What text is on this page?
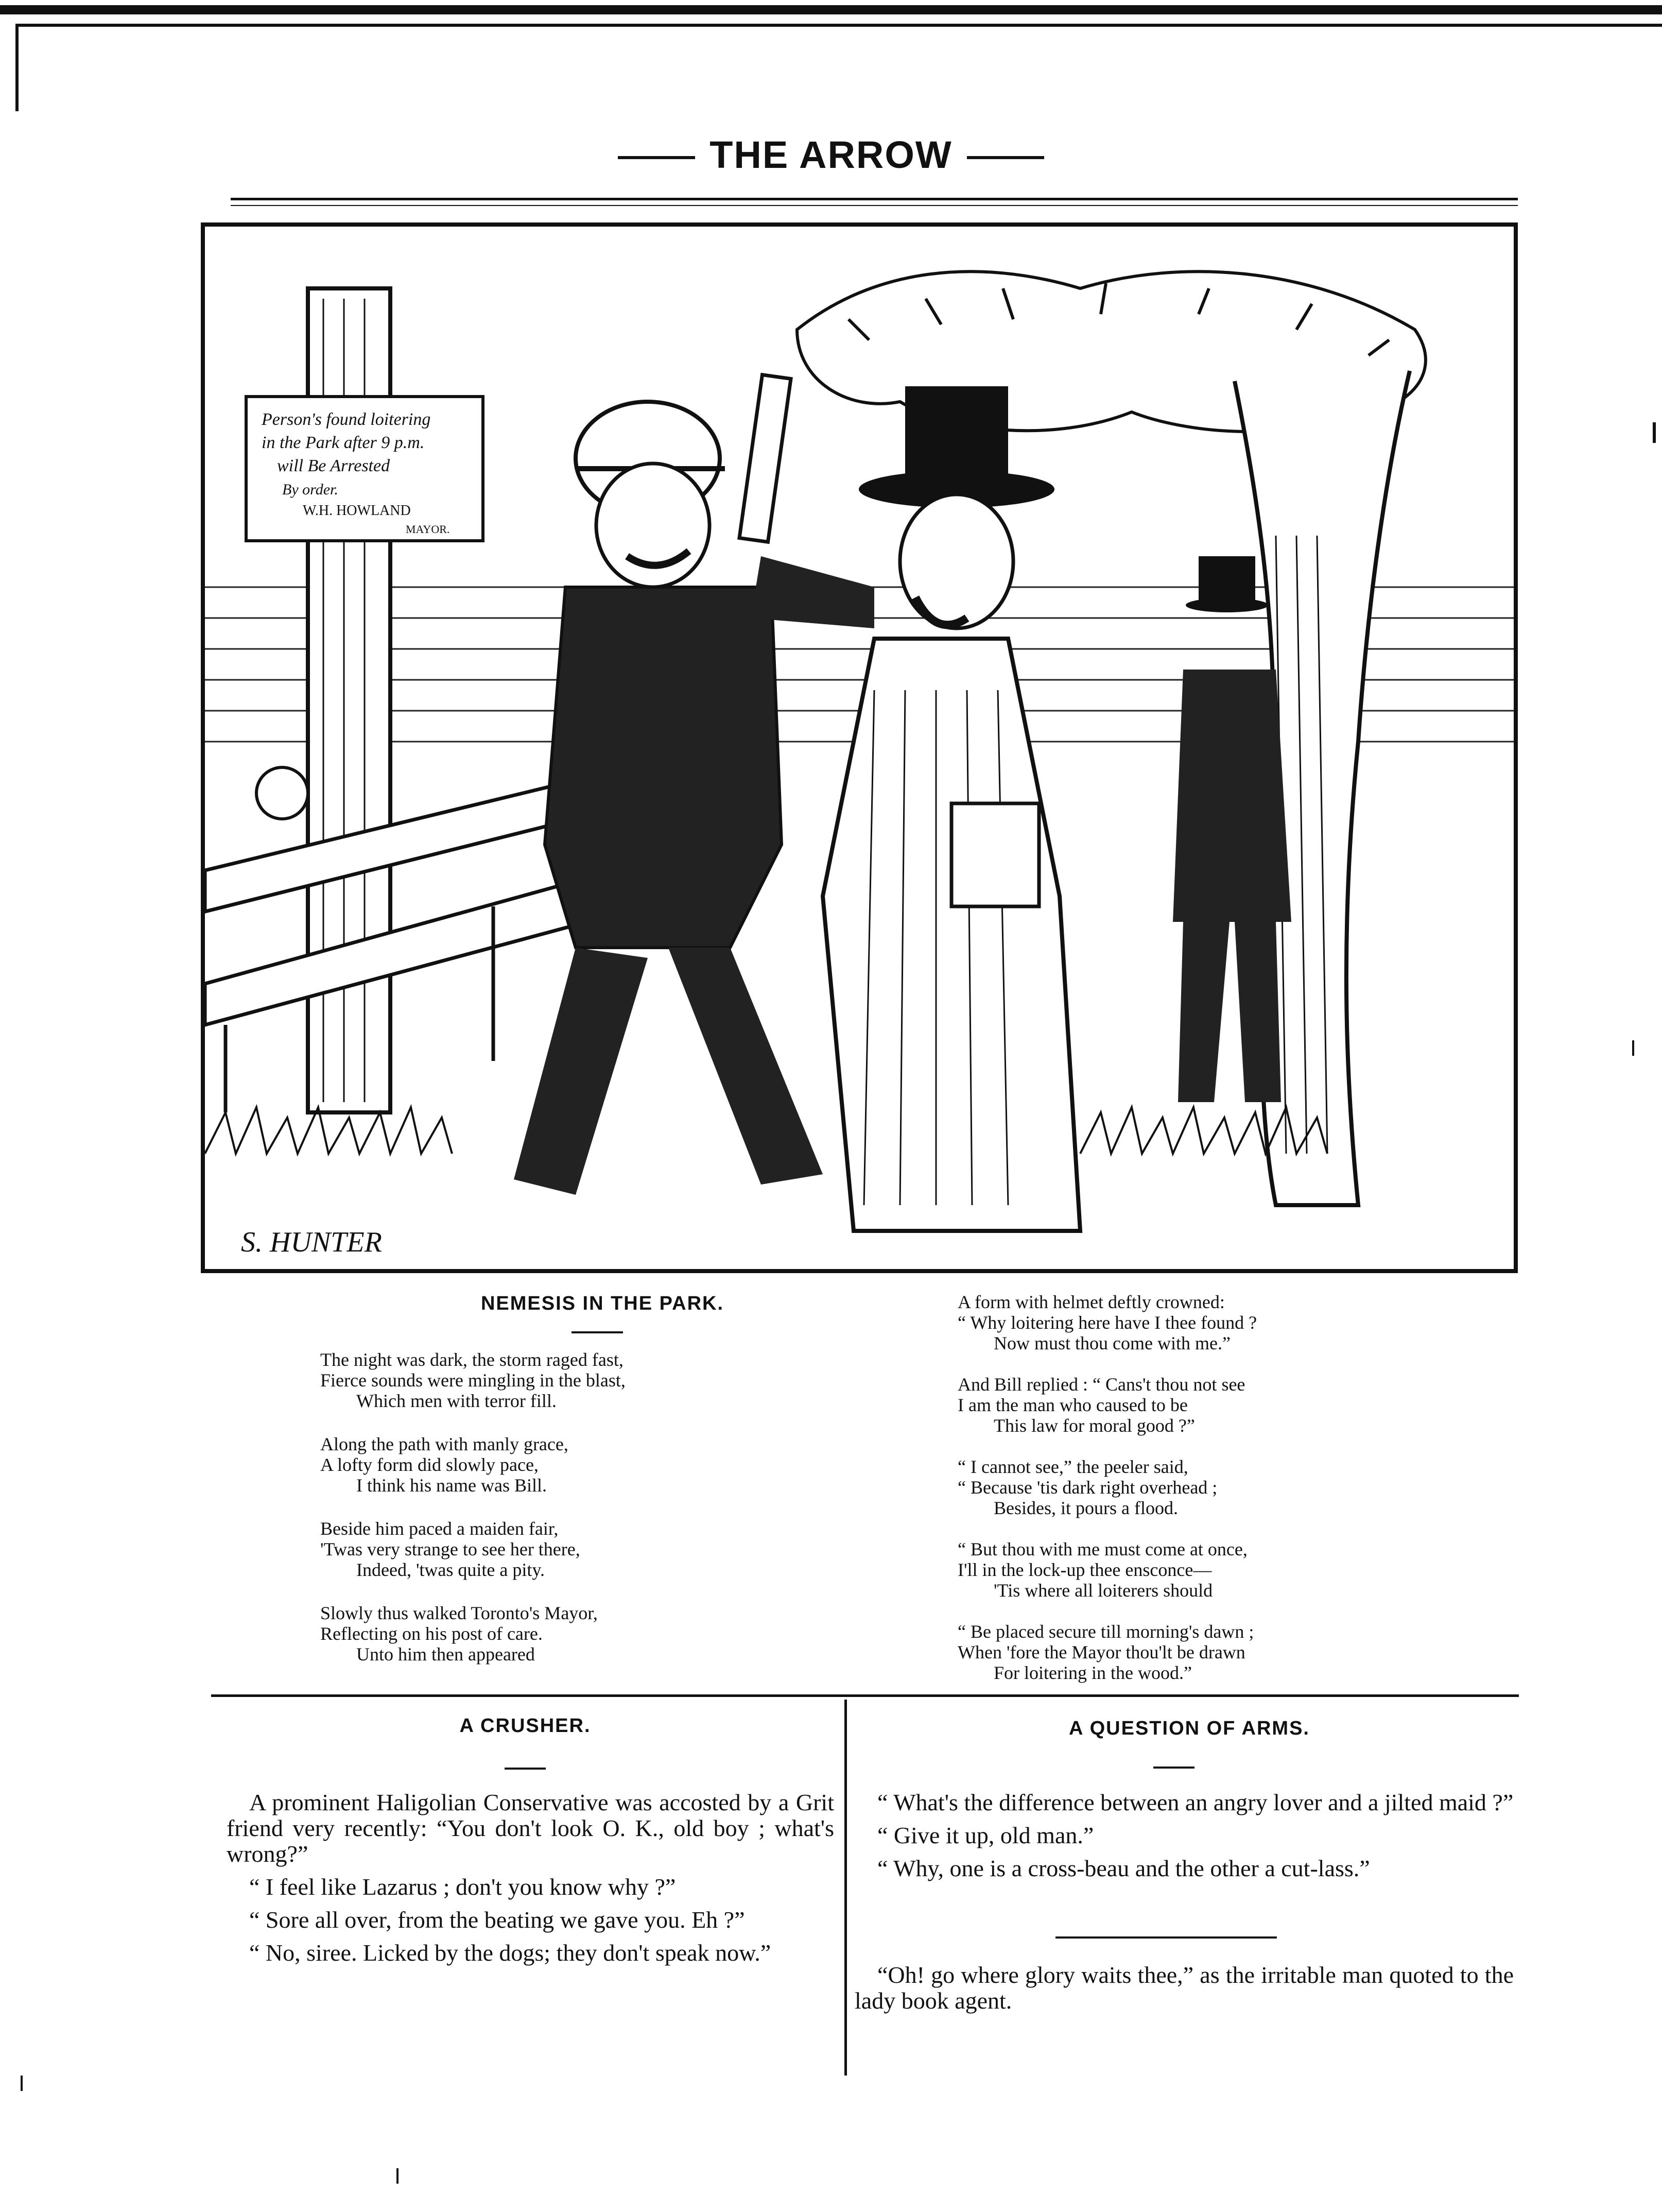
THE ARROW
Person's found loitering
in the Park after 9 p.m.
will Be Arrested
By order.
W.H. HOWLAND
MAYOR.
S. HUNTER
NEMESIS IN THE PARK.
The night was dark, the storm raged fast,
Fierce sounds were mingling in the blast,
Which men with terror fill.
Along the path with manly grace,
A lofty form did slowly pace,
I think his name was Bill.
Beside him paced a maiden fair,
'Twas very strange to see her there,
Indeed, 'twas quite a pity.
Slowly thus walked Toronto's Mayor,
Reflecting on his post of care.
Unto him then appeared
A form with helmet deftly crowned:
“ Why loitering here have I thee found ?
Now must thou come with me.”
And Bill replied : “ Cans't thou not see
I am the man who caused to be
This law for moral good ?”
“ I cannot see,” the peeler said,
“ Because 'tis dark right overhead ;
Besides, it pours a flood.
“ But thou with me must come at once,
I'll in the lock-up thee ensconce—
'Tis where all loiterers should
“ Be placed secure till morning's dawn ;
When 'fore the Mayor thou'lt be drawn
For loitering in the wood.”
A CRUSHER.

A prominent Haligolian Conservative was accosted by a Grit friend very recently: “You don't look O. K., old boy ; what's wrong?”

“ I feel like Lazarus ; don't you know why ?”

“ Sore all over, from the beating we gave you. Eh ?”

“ No, siree. Licked by the dogs; they don't speak now.”

A QUESTION OF ARMS.

“ What's the difference between an angry lover and a jilted maid ?”

“ Give it up, old man.”

“ Why, one is a cross-beau and the other a cut-lass.”

“Oh! go where glory waits thee,” as the irritable man quoted to the lady book agent.
